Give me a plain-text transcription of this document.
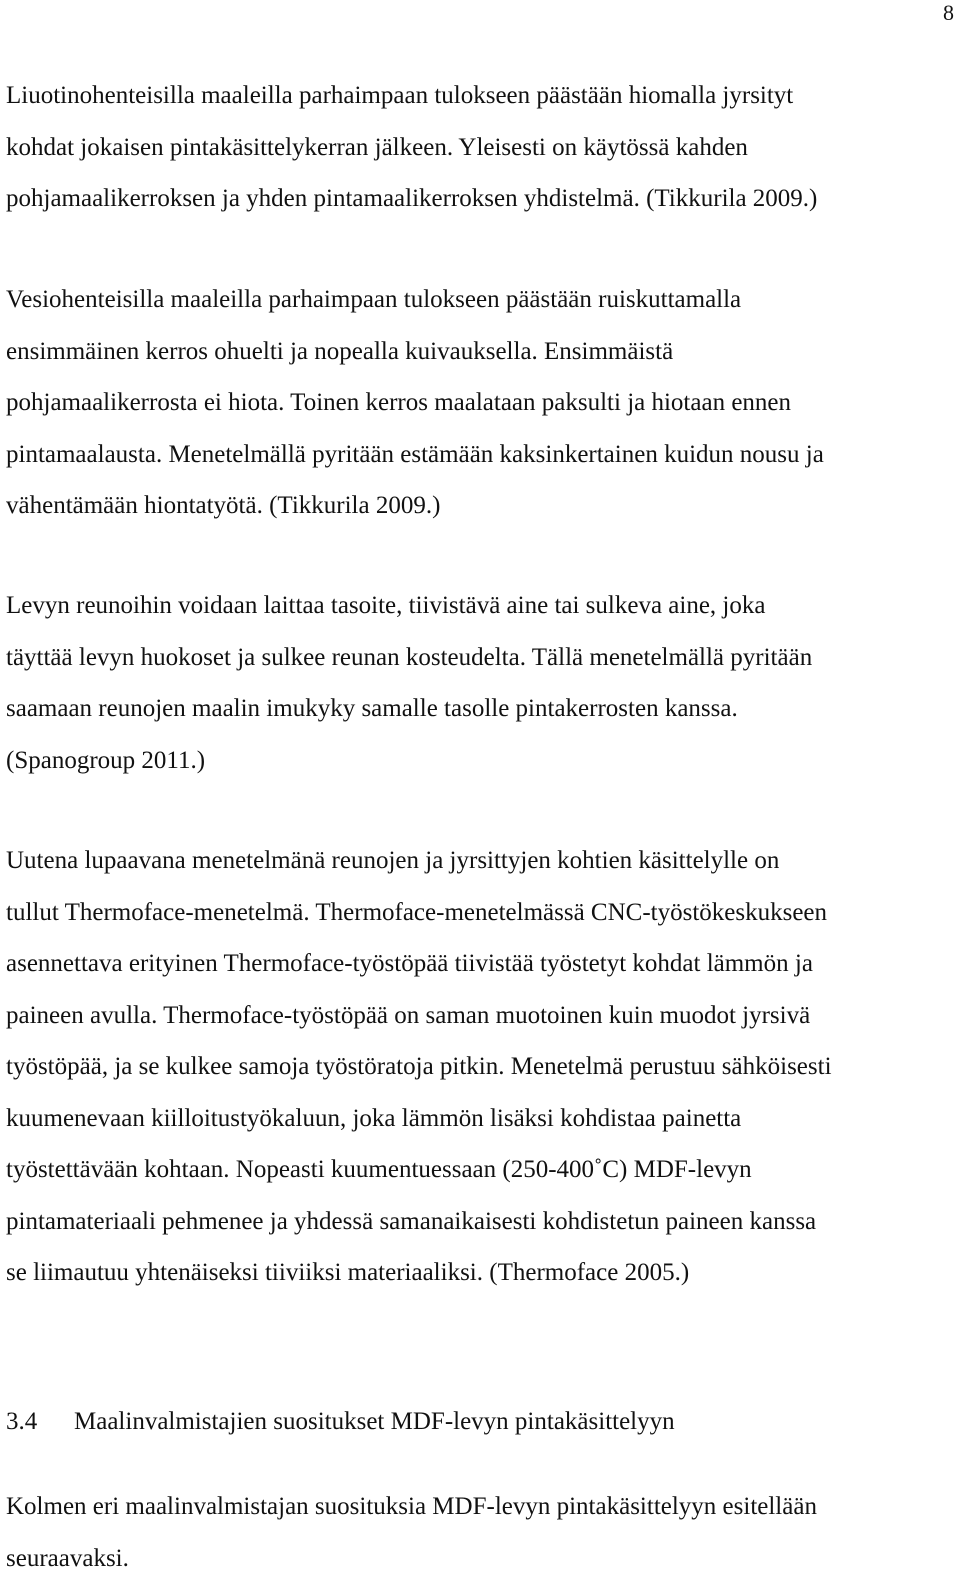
8

Liuotinohenteisilla maaleilla parhaimpaan tulokseen päästään hiomalla jyrsityt
kohdat jokaisen pintakäsittelykerran jälkeen. Yleisesti on käytössä kahden
pohjamaalikerroksen ja yhden pintamaalikerroksen yhdistelmä. (Tikkurila 2009.)

Vesiohenteisilla maaleilla parhaimpaan tulokseen päästään ruiskuttamalla
ensimmäinen kerros ohuelti ja nopealla kuivauksella. Ensimmäistä
pohjamaalikerrosta ei hiota. Toinen kerros maalataan paksulti ja hiotaan ennen
pintamaalausta. Menetelmällä pyritään estämään kaksinkertainen kuidun nousu ja
vähentämään hiontatyötä. (Tikkurila 2009.)

Levyn reunoihin voidaan laittaa tasoite, tiivistävä aine tai sulkeva aine, joka
täyttää levyn huokoset ja sulkee reunan kosteudelta. Tällä menetelmällä pyritään
saamaan reunojen maalin imukyky samalle tasolle pintakerrosten kanssa.
(Spanogroup 2011.)

Uutena lupaavana menetelmänä reunojen ja jyrsittyjen kohtien käsittelylle on
tullut Thermoface-menetelmä. Thermoface-menetelmässä CNC-työstökeskukseen
asennettava erityinen Thermoface-työstöpää tiivistää työstetyt kohdat lämmön ja
paineen avulla. Thermoface-työstöpää on saman muotoinen kuin muodot jyrsivä
työstöpää, ja se kulkee samoja työstöratoja pitkin. Menetelmä perustuu sähköisesti
kuumenevaan kiilloitustyökaluun, joka lämmön lisäksi kohdistaa painetta
työstettävään kohtaan. Nopeasti kuumentuessaan (250-400˚C) MDF-levyn
pintamateriaali pehmenee ja yhdessä samanaikaisesti kohdistetun paineen kanssa
se liimautuu yhtenäiseksi tiiviiksi materiaaliksi. (Thermoface 2005.)

3.4 Maalinvalmistajien suositukset MDF-levyn pintakäsittelyyn

Kolmen eri maalinvalmistajan suosituksia MDF-levyn pintakäsittelyyn esitellään
seuraavaksi.
